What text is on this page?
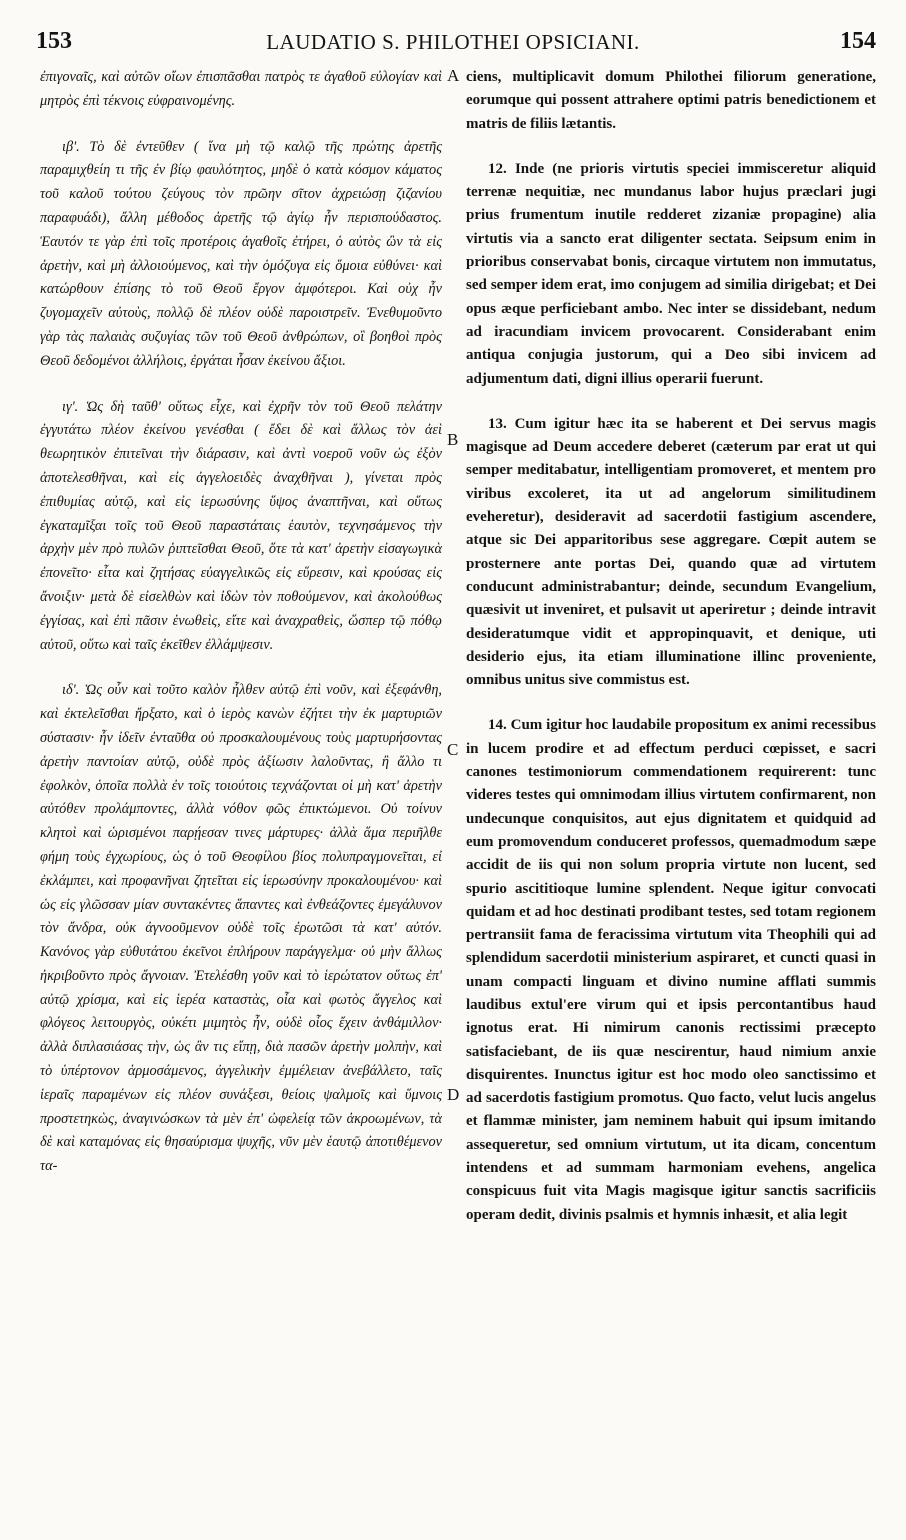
153	LAUDATIO S. PHILOTHEI OPSICIANI.	154

ἐπιγοναῖς, καὶ αὐτῶν οἴων ἐπισπᾶσθαι πατρὸς τε ἀγαθοῦ εὐλογίαν καὶ μητρὸς ἐπὶ τέκνοις εὐφραινομένης.

ιβ'. Τὸ δὲ ἐντεῦθεν ( ἵνα μὴ τῷ καλῷ τῆς πρώτης ἀρετῆς παραμιχθείη τι τῆς ἐν βίῳ φαυλότητος, μηδὲ ὁ κατὰ κόσμον κάματος τοῦ καλοῦ τούτου ζεύγους τὸν πρῶην σῖτον ἀχρειώσῃ ζιζανίου παραφυάδι), ἄλλη μέθοδος ἀρετῆς τῷ ἁγίῳ ἦν περισπούδαστος. Ἑαυτόν τε γὰρ ἐπὶ τοῖς προτέροις ἀγαθοῖς ἐτήρει, ὁ αὐτὸς ὢν τὰ εἰς ἀρετὴν, καὶ μὴ ἀλλοιούμενος, καὶ τὴν ὁμόζυγα εἰς ὅμοια εὐθύνει· καὶ κατώρθουν ἐπίσης τὸ τοῦ Θεοῦ ἔργον ἀμφότεροι. Καὶ οὐχ ἦν ζυγομαχεῖν αὐτοὺς, πολλῷ δὲ πλέον οὐδὲ παροιστρεῖν. Ἐνεθυμοῦντο γὰρ τὰς παλαιὰς συζυγίας τῶν τοῦ Θεοῦ ἀνθρώπων, οἳ βοηθοὶ πρὸς Θεοῦ δεδομένοι ἀλλήλοις, ἐργάται ἦσαν ἐκείνου ἄξιοι.

ιγ'. Ὡς δὴ ταῦθ' οὕτως εἶχε, καὶ ἐχρῆν τὸν τοῦ Θεοῦ πελάτην ἐγγυτάτω πλέον ἐκείνου γενέσθαι ( ἔδει δὲ καὶ ἄλλως τὸν ἀεὶ θεωρητικὸν ἐπιτεῖναι τὴν διάρασιν, καὶ ἀντὶ νοεροῦ νοῦν ὡς ἐξὸν ἀποτελεσθῆναι, καὶ εἰς ἀγγελοειδὲς ἀναχθῆναι ), γίνεται πρὸς ἐπιθυμίας αὐτῷ, καὶ εἰς ἱερωσύνης ὕψος ἀναπτῆναι, καὶ οὕτως ἐγκαταμῖξαι τοῖς τοῦ Θεοῦ παραστάταις ἑαυτὸν, τεχνησάμενος τὴν ἀρχὴν μὲν πρὸ πυλῶν ῥιπτεῖσθαι Θεοῦ, ὅτε τὰ κατ' ἀρετὴν εἰσαγωγικὰ ἐπονεῖτο· εἶτα καὶ ζητήσας εὐαγγελικῶς εἰς εὕρεσιν, καὶ κρούσας εἰς ἄνοιξιν· μετὰ δὲ εἰσελθὼν καὶ ἰδὼν τὸν ποθούμενον, καὶ ἀκολούθως ἐγγίσας, καὶ ἐπὶ πᾶσιν ἑνωθεὶς, εἴτε καὶ ἀναχραθεὶς, ὥσπερ τῷ πόθῳ αὐτοῦ, οὕτω καὶ ταῖς ἐκεῖθεν ἐλλάμψεσιν.

ιδ'. Ὡς οὖν καὶ τοῦτο καλὸν ἦλθεν αὐτῷ ἐπὶ νοῦν, καὶ ἐξεφάνθη, καὶ ἐκτελεῖσθαι ἤρξατο, καὶ ὁ ἱερὸς κανὼν ἐζήτει τὴν ἐκ μαρτυριῶν σύστασιν· ἦν ἰδεῖν ἐνταῦθα οὐ προσκαλουμένους τοὺς μαρτυρήσοντας ἀρετὴν παντοίαν αὐτῷ, οὐδὲ πρὸς ἀξίωσιν λαλοῦντας, ἢ ἄλλο τι ἐφολκὸν, ὁποῖα πολλὰ ἐν τοῖς τοιούτοις τεχνάζονται οἱ μὴ κατ' ἀρετὴν αὐτόθεν προλάμποντες, ἀλλὰ νόθον φῶς ἐπικτώμενοι. Οὐ τοίνυν κλητοὶ καὶ ὡρισμένοι παρῄεσαν τινες μάρτυρες· ἀλλὰ ἅμα περιῆλθε φήμη τοὺς ἐγχωρίους, ὡς ὁ τοῦ Θεοφίλου βίος πολυπραγμονεῖται, εἰ ἐκλάμπει, καὶ προφανῆναι ζητεῖται εἰς ἱερωσύνην προκαλουμένου· καὶ ὡς εἰς γλῶσσαν μίαν συντακέντες ἅπαντες καὶ ἐνθεάζοντες ἐμεγάλυνον τὸν ἄνδρα, οὐκ ἀγνοοῦμενον οὐδὲ τοῖς ἐρωτῶσι τὰ κατ' αὐτόν. Κανόνος γὰρ εὐθυτάτου ἐκεῖνοι ἐπλήρουν παράγγελμα· οὐ μὴν ἄλλως ἠκριβοῦντο πρὸς ἄγνοιαν. Ἐτελέσθη γοῦν καὶ τὸ ἱερώτατον οὕτως ἐπ' αὐτῷ χρίσμα, καὶ εἰς ἱερέα καταστὰς, οἷα καὶ φωτὸς ἄγγελος καὶ φλόγεος λειτουργὸς, οὐκέτι μιμητὸς ἦν, οὐδὲ οἷος ἔχειν ἀνθάμιλλον· ἀλλὰ διπλασιάσας τὴν, ὡς ἂν τις εἴπῃ, διὰ πασῶν ἀρετὴν μολπὴν, καὶ τὸ ὑπέρτονον ἁρμοσάμενος, ἀγγελικὴν ἐμμέλειαν ἀνεβάλλετο, ταῖς ἱεραῖς παραμένων εἰς πλέον συνάξεσι, θείοις ψαλμοῖς καὶ ὕμνοις προστετηκὼς, ἀναγινώσκων τὰ μὲν ἐπ' ὠφελείᾳ τῶν ἀκροωμένων, τὰ δὲ καὶ καταμόνας εἰς θησαύρισμα ψυχῆς, νῦν μὲν ἑαυτῷ ἀποτιθέμενον τα-

A
B
C
D

ciens, multiplicavit domum Philothei filiorum generatione, eorumque qui possent attrahere optimi patris benedictionem et matris de filiis lætantis.

12. Inde (ne prioris virtutis speciei immisceretur aliquid terrenæ nequitiæ, nec mundanus labor hujus præclari jugi prius frumentum inutile redderet zizaniæ propagine) alia virtutis via a sancto erat diligenter sectata. Seipsum enim in prioribus conservabat bonis, circaque virtutem non immutatus, sed semper idem erat, imo conjugem ad similia dirigebat; et Dei opus æque perficiebant ambo. Nec inter se dissidebant, nedum ad iracundiam invicem provocarent. Considerabant enim antiqua conjugia justorum, qui a Deo sibi invicem ad adjumentum dati, digni illius operarii fuerunt.

13. Cum igitur hæc ita se haberent et Dei servus magis magisque ad Deum accedere deberet (cæterum par erat ut qui semper meditabatur, intelligentiam promoveret, et mentem pro viribus excoleret, ita ut ad angelorum similitudinem eveheretur), desideravit ad sacerdotii fastigium ascendere, atque sic Dei apparitoribus sese aggregare. Cœpit autem se prosternere ante portas Dei, quando quæ ad virtutem conducunt administrabantur; deinde, secundum Evangelium, quæsivit ut inveniret, et pulsavit ut aperiretur ; deinde intravit desideratumque vidit et appropinquavit, et denique, uti desiderio ejus, ita etiam illuminatione illinc provenientе, omnibus unitus sive commistus est.

14. Cum igitur hoc laudabile propositum ex animi recessibus in lucem prodire et ad effectum perduci cœpisset, e sacri canones testimoniorum commendationem requirerent: tunc videres testes qui omnimodam illius virtutem confirmarent, non undecunque conquisitos, aut ejus dignitatem et quidquid ad eum promovendum conduceret professos, quemadmodum sæpe accidit de iis qui non solum propria virtute non lucent, sed spurio ascititioque lumine splendent. Neque igitur convocati quidam et ad hoc destinati prodibant testes, sed totam regionem pertransiit fama de feracissima virtutum vita Theophili qui ad splendidum sacerdotii ministerium aspiraret, et cuncti quasi in unam compacti linguam et divino numine afflati summis laudibus extul'ere virum qui et ipsis percontantibus haud ignotus erat. Hi nimirum canonis rectissimi præcepto satisfaciebant, de iis quæ nescirentur, haud nimium anxie disquirentes. Inunctus igitur est hoc modo oleo sanctissimo et ad sacerdotis fastigium promotus. Quo facto, velut lucis angelus et flammæ minister, jam neminem habuit qui ipsum imitando assequeretur, sed omnium virtutum, ut ita dicam, concentum intendens et ad summam harmoniam evehens, angelica conspicuus fuit vita Magis magisque igitur sanctis sacrificiis operam dedit, divinis psalmis et hymnis inhæsit, et alia legit
